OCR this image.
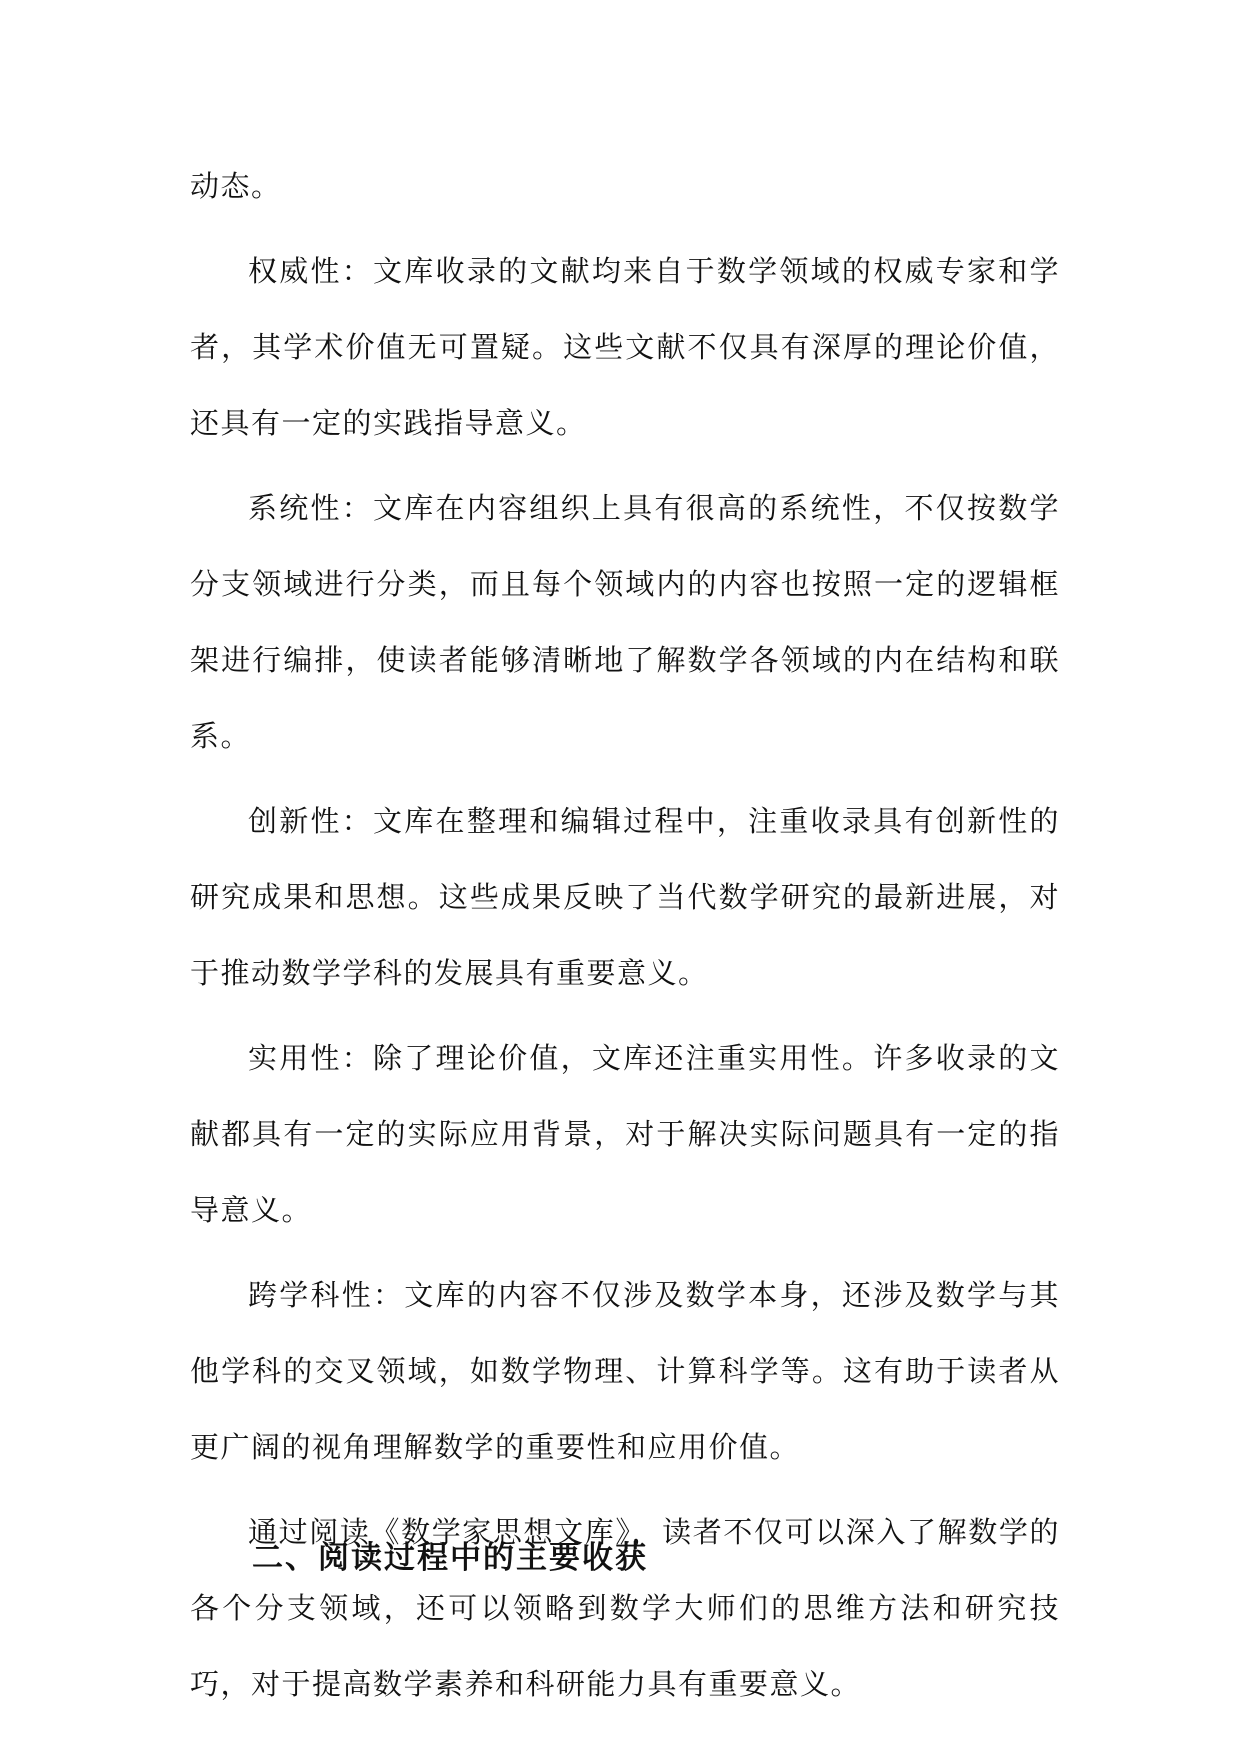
动态。

权威性：文库收录的文献均来自于数学领域的权威专家和学者，其学术价值无可置疑。这些文献不仅具有深厚的理论价值，还具有一定的实践指导意义。

系统性：文库在内容组织上具有很高的系统性，不仅按数学分支领域进行分类，而且每个领域内的内容也按照一定的逻辑框架进行编排，使读者能够清晰地了解数学各领域的内在结构和联系。

创新性：文库在整理和编辑过程中，注重收录具有创新性的研究成果和思想。这些成果反映了当代数学研究的最新进展，对于推动数学学科的发展具有重要意义。

实用性：除了理论价值，文库还注重实用性。许多收录的文献都具有一定的实际应用背景，对于解决实际问题具有一定的指导意义。

跨学科性：文库的内容不仅涉及数学本身，还涉及数学与其他学科的交叉领域，如数学物理、计算科学等。这有助于读者从更广阔的视角理解数学的重要性和应用价值。

通过阅读《数学家思想文库》，读者不仅可以深入了解数学的各个分支领域，还可以领略到数学大师们的思维方法和研究技巧，对于提高数学素养和科研能力具有重要意义。

二、阅读过程中的主要收获
